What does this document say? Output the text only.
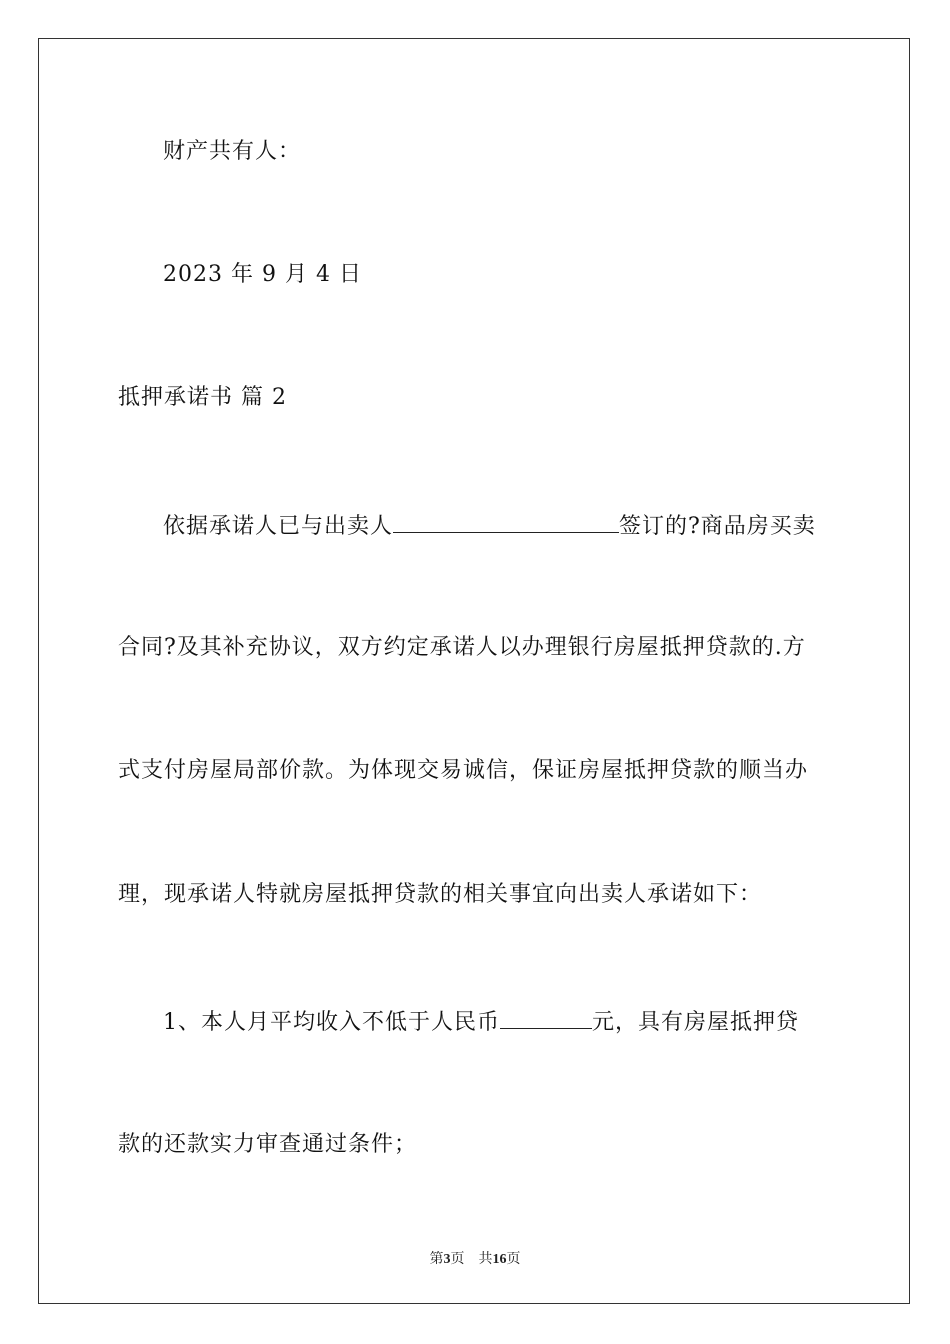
财产共有人：
2023 年 9 月 4 日
抵押承诺书 篇 2
依据承诺人已与出卖人	签订的?商品房买卖
合同?及其补充协议，双方约定承诺人以办理银行房屋抵押贷款的.方
式支付房屋局部价款。为体现交易诚信，保证房屋抵押贷款的顺当办
理，现承诺人特就房屋抵押贷款的相关事宜向出卖人承诺如下：
1、本人月平均收入不低于人民币	元，具有房屋抵押贷
款的还款实力审查通过条件；
第3页 共16页
